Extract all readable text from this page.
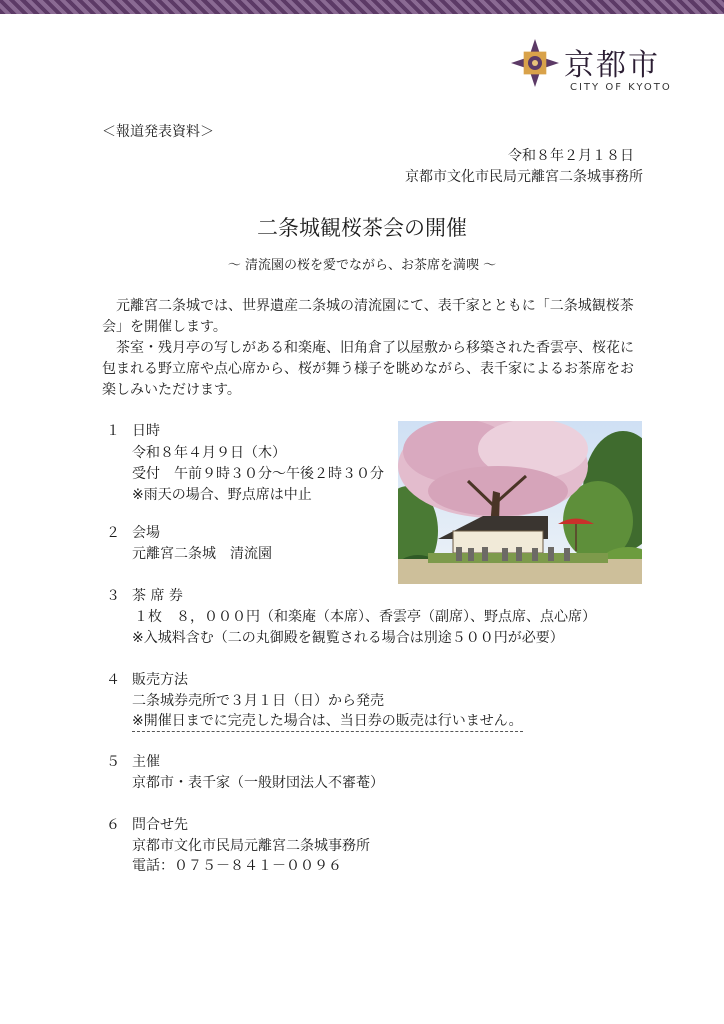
京都市
CITY OF KYOTO
＜報道発表資料＞
令和８年２月１８日
京都市文化市民局元離宮二条城事務所
二条城観桜茶会の開催
～ 清流園の桜を愛でながら、お茶席を満喫 ～
元離宮二条城では、世界遺産二条城の清流園にて、表千家とともに「二条城観桜茶会」を開催します。
茶室・残月亭の写しがある和楽庵、旧角倉了以屋敷から移築された香雲亭、桜花に包まれる野立席や点心席から、桜が舞う様子を眺めながら、表千家によるお茶席をお楽しみいただけます。
１ 日時
令和８年４月９日（木）
受付　午前９時３０分～午後２時３０分
※雨天の場合、野点席は中止
２ 会場
元離宮二条城　清流園
３ 茶 席 券
１枚　８，０００円（和楽庵（本席）、香雲亭（副席）、野点席、点心席）
※入城料含む（二の丸御殿を観覧される場合は別途５００円が必要）
４ 販売方法
二条城券売所で３月１日（日）から発売
※開催日までに完売した場合は、当日券の販売は行いません。
５ 主催
京都市・表千家（一般財団法人不審菴）
６ 問合せ先
京都市文化市民局元離宮二条城事務所
電話：０７５－８４１－００９６
